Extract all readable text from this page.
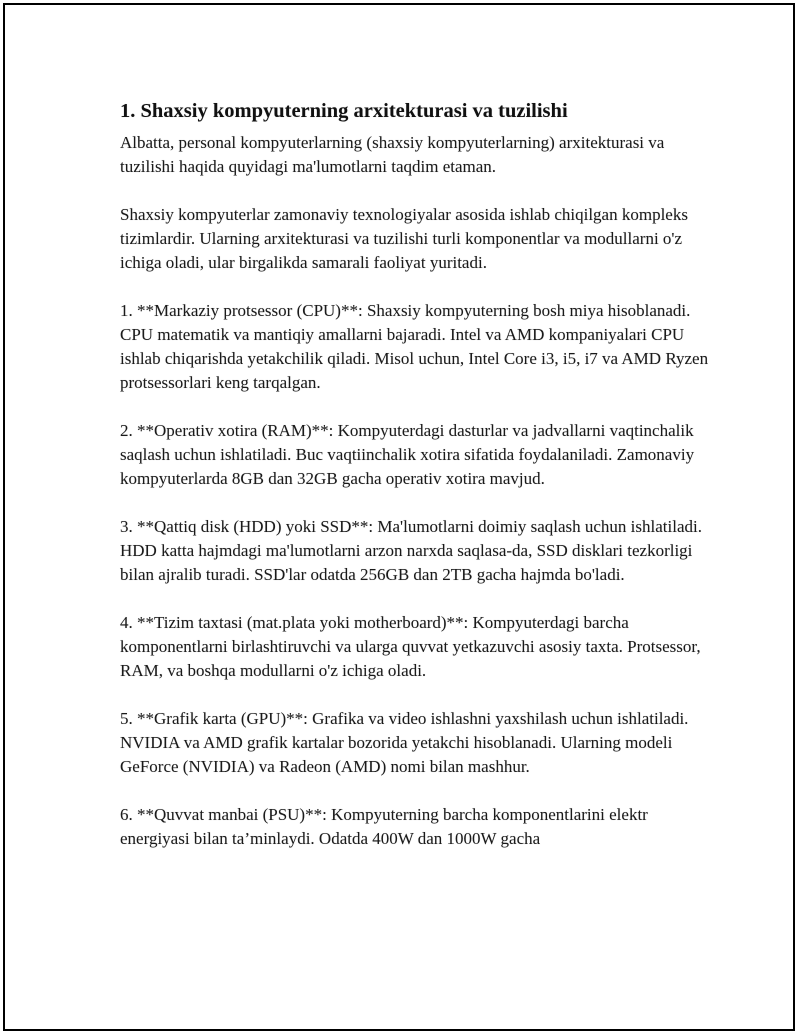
1. Shaxsiy kompyuterning arxitekturasi va tuzilishi

Albatta, personal kompyuterlarning (shaxsiy kompyuterlarning) arxitekturasi va tuzilishi haqida quyidagi ma'lumotlarni taqdim etaman.

Shaxsiy kompyuterlar zamonaviy texnologiyalar asosida ishlab chiqilgan kompleks tizimlardir. Ularning arxitekturasi va tuzilishi turli komponentlar va modullarni o'z ichiga oladi, ular birgalikda samarali faoliyat yuritadi.

1. **Markaziy protsessor (CPU)**: Shaxsiy kompyuterning bosh miya hisoblanadi. CPU matematik va mantiqiy amallarni bajaradi. Intel va AMD kompaniyalari CPU ishlab chiqarishda yetakchilik qiladi. Misol uchun, Intel Core i3, i5, i7 va AMD Ryzen protsessorlari keng tarqalgan.

2. **Operativ xotira (RAM)**: Kompyuterdagi dasturlar va jadvallarni vaqtinchalik saqlash uchun ishlatiladi. Buc vaqtiinchalik xotira sifatida foydalaniladi. Zamonaviy kompyuterlarda 8GB dan 32GB gacha operativ xotira mavjud.

3. **Qattiq disk (HDD) yoki SSD**: Ma'lumotlarni doimiy saqlash uchun ishlatiladi. HDD katta hajmdagi ma'lumotlarni arzon narxda saqlasa-da, SSD disklari tezkorligi bilan ajralib turadi. SSD'lar odatda 256GB dan 2TB gacha hajmda bo'ladi.

4. **Tizim taxtasi (mat.plata yoki motherboard)**: Kompyuterdagi barcha komponentlarni birlashtiruvchi va ularga quvvat yetkazuvchi asosiy taxta. Protsessor, RAM, va boshqa modullarni o'z ichiga oladi.

5. **Grafik karta (GPU)**: Grafika va video ishlashni yaxshilash uchun ishlatiladi. NVIDIA va AMD grafik kartalar bozorida yetakchi hisoblanadi. Ularning modeli GeForce (NVIDIA) va Radeon (AMD) nomi bilan mashhur.

6. **Quvvat manbai (PSU)**: Kompyuterning barcha komponentlarini elektr energiyasi bilan ta’minlaydi. Odatda 400W dan 1000W gacha
